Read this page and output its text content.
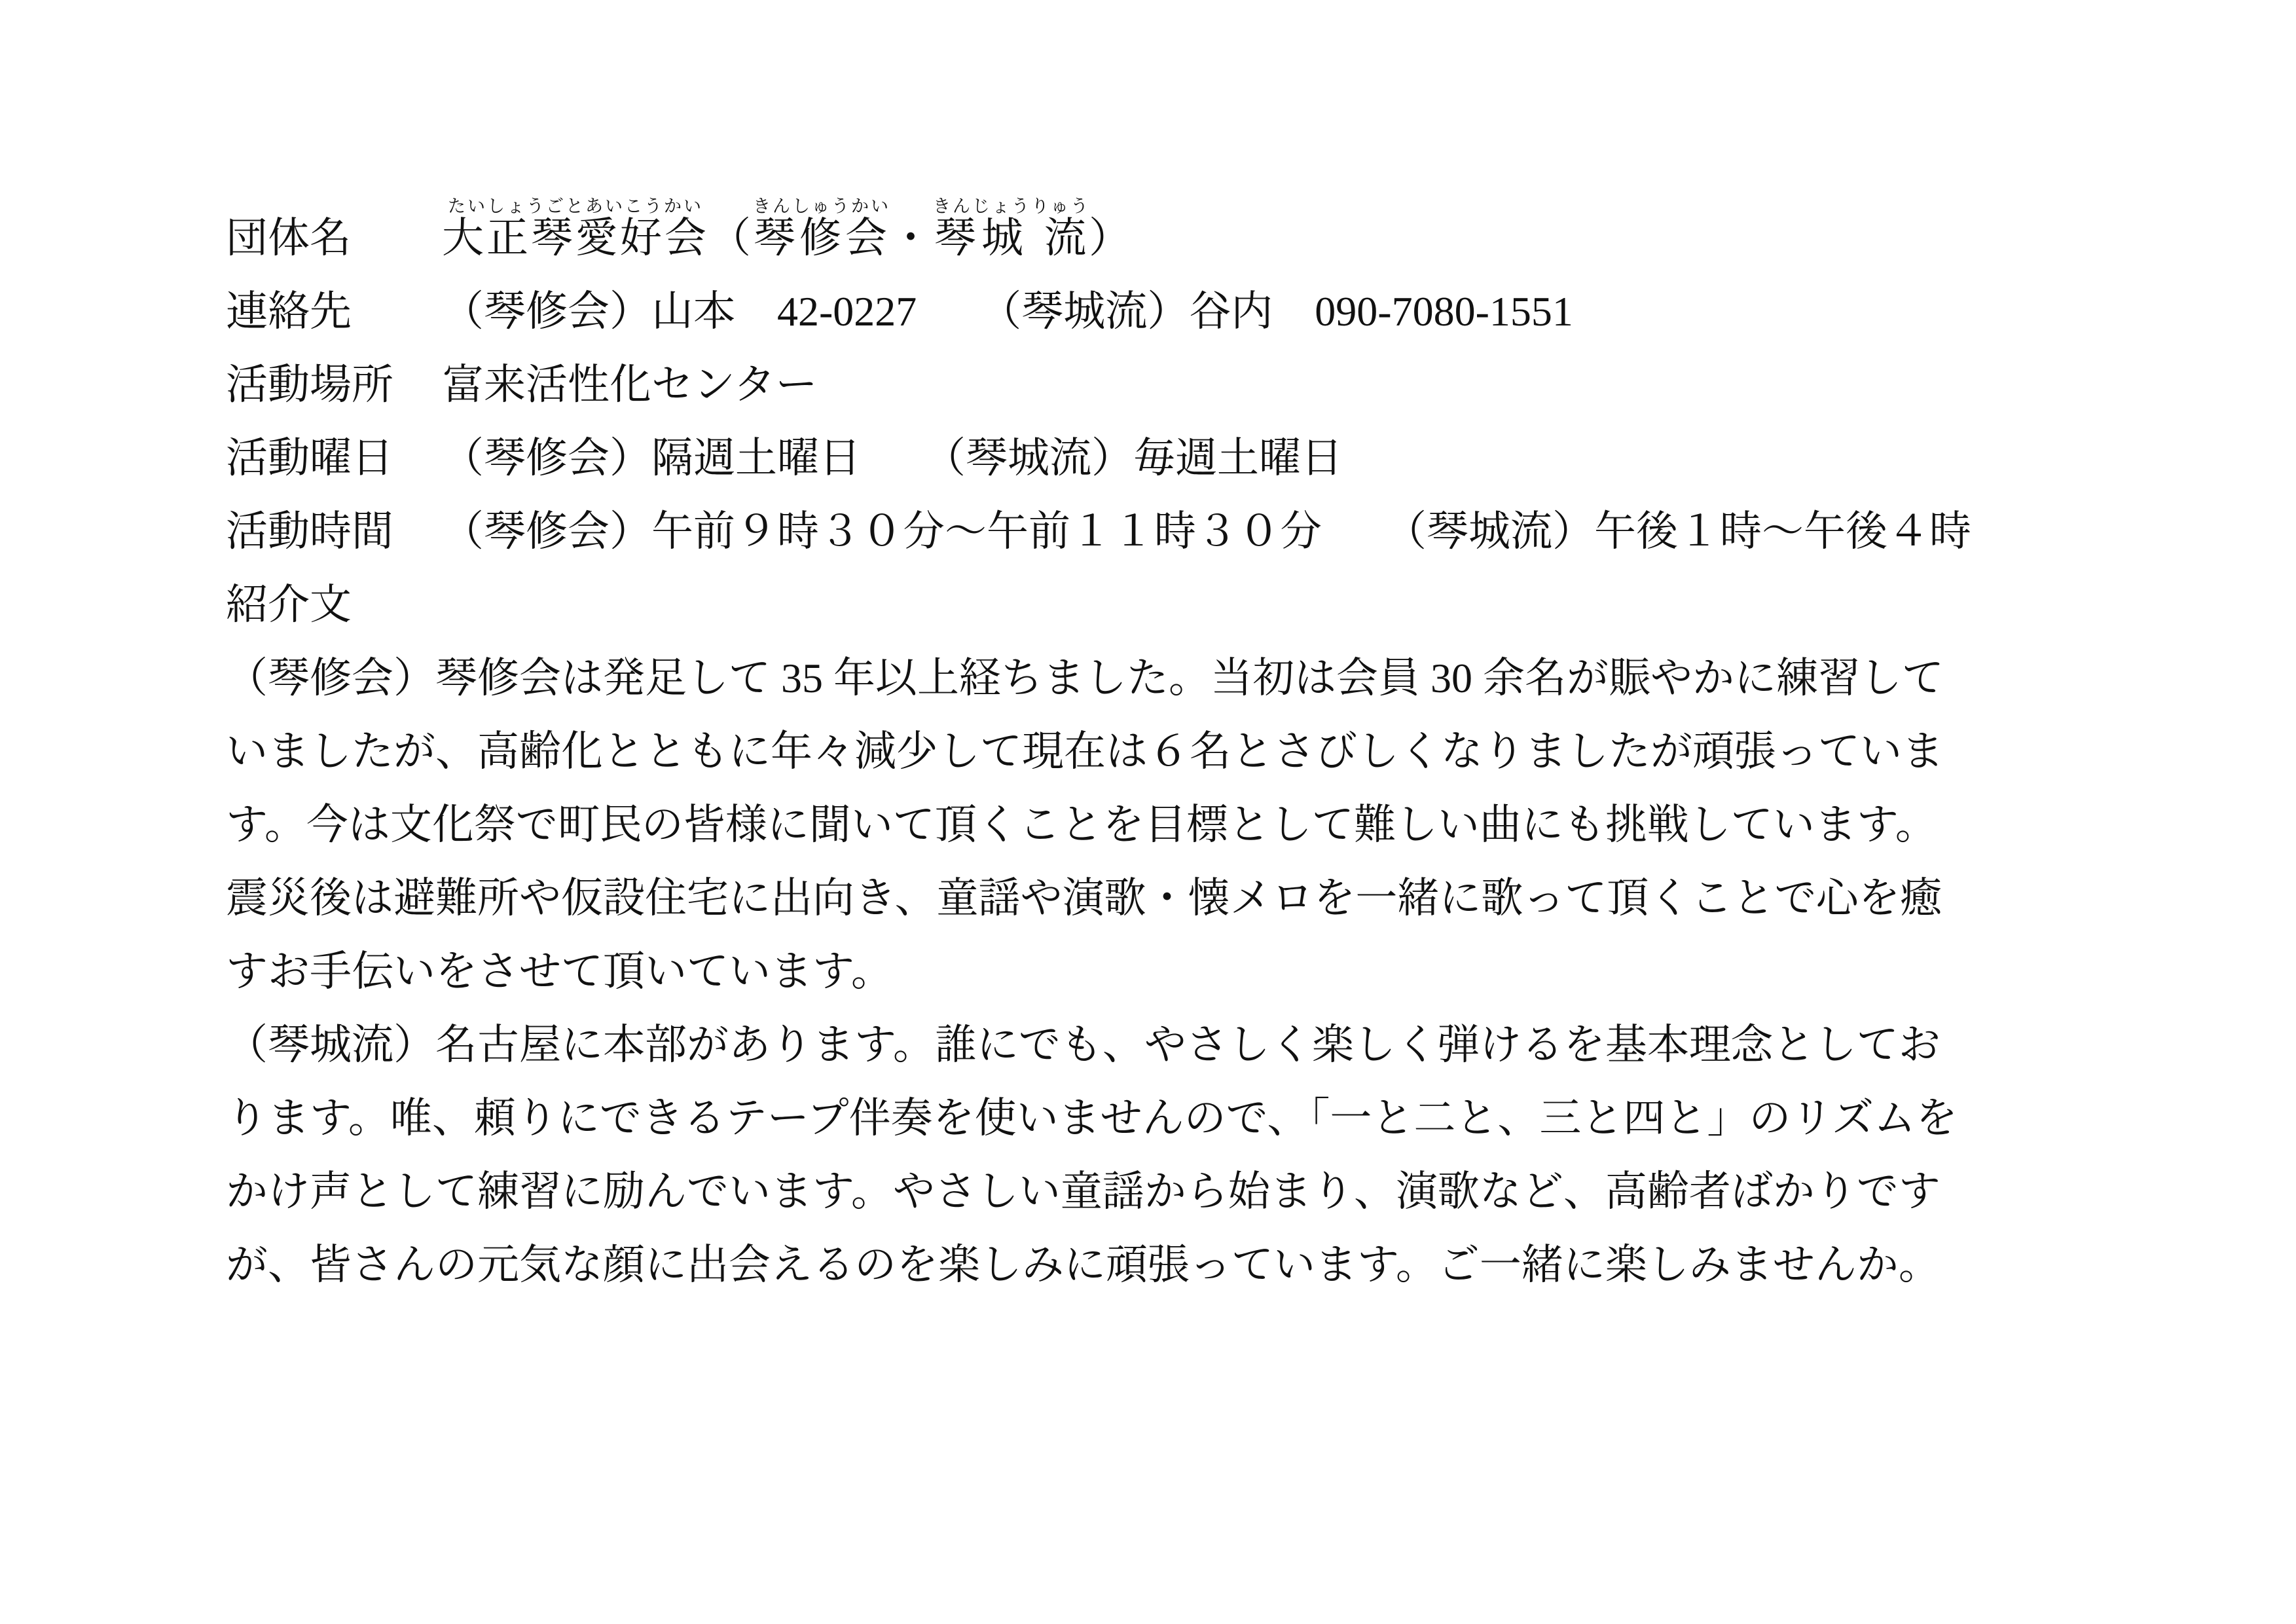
団体名	大正琴愛好会たいしょうごとあいこうかい（琴修会きんしゅうかい・琴城 流きんじょうりゅう）
連絡先	（琴修会）山本　42-0227　　（琴城流）谷内　090-7080-1551
活動場所	富来活性化センター
活動曜日	（琴修会）隔週土曜日　　（琴城流）毎週土曜日
活動時間	（琴修会）午前９時３０分～午前１１時３０分　　（琴城流）午後１時～午後４時
紹介文
（琴修会）琴修会は発足して 35 年以上経ちました。当初は会員 30 余名が賑やかに練習して
いましたが、高齢化とともに年々減少して現在は６名とさびしくなりましたが頑張っていま
す。今は文化祭で町民の皆様に聞いて頂くことを目標として難しい曲にも挑戦しています。
震災後は避難所や仮設住宅に出向き、童謡や演歌・懐メロを一緒に歌って頂くことで心を癒
すお手伝いをさせて頂いています。
（琴城流）名古屋に本部があります。誰にでも、やさしく楽しく弾けるを基本理念としてお
ります。唯、頼りにできるテープ伴奏を使いませんので、「一と二と、三と四と」のリズムを
かけ声として練習に励んでいます。やさしい童謡から始まり、演歌など、高齢者ばかりです
が、皆さんの元気な顔に出会えるのを楽しみに頑張っています。ご一緒に楽しみませんか。
